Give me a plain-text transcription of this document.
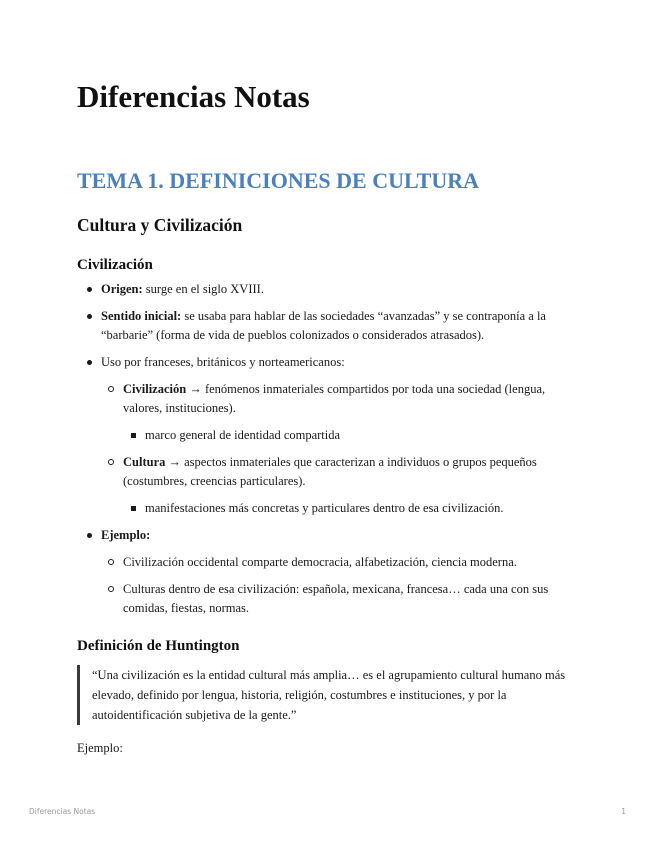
Diferencias Notas
TEMA 1. DEFINICIONES DE CULTURA
Cultura y Civilización
Civilización
Origen: surge en el siglo XVIII.
Sentido inicial: se usaba para hablar de las sociedades “avanzadas” y se contraponía a la “barbarie” (forma de vida de pueblos colonizados o considerados atrasados).
Uso por franceses, británicos y norteamericanos:
Civilización → fenómenos inmateriales compartidos por toda una sociedad (lengua, valores, instituciones).
marco general de identidad compartida
Cultura → aspectos inmateriales que caracterizan a individuos o grupos pequeños (costumbres, creencias particulares).
manifestaciones más concretas y particulares dentro de esa civilización.
Ejemplo:
Civilización occidental comparte democracia, alfabetización, ciencia moderna.
Culturas dentro de esa civilización: española, mexicana, francesa… cada una con sus comidas, fiestas, normas.
Definición de Huntington

“Una civilización es la entidad cultural más amplia… es el agrupamiento cultural humano más elevado, definido por lengua, historia, religión, costumbres e instituciones, y por la autoidentificación subjetiva de la gente.”

Ejemplo:

Diferencias Notas	1
